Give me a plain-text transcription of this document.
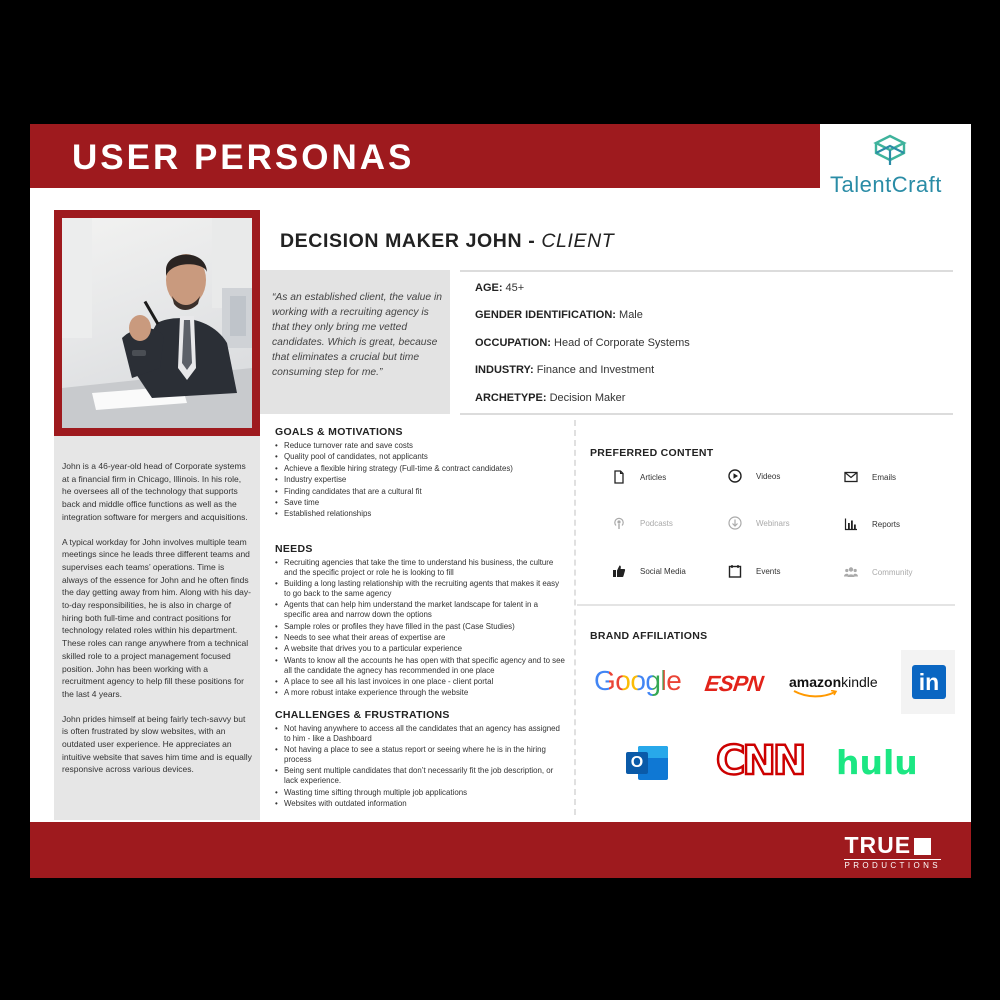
USER PERSONAS
TalentCraft

John is a 46-year-old head of Corporate systems at a financial firm in Chicago, Illinois. In his role, he oversees all of the technology that supports back and middle office functions as well as the integration software for mergers and acquisitions.

A typical workday for John involves multiple team meetings since he leads three different teams and supervises each teams’ operations. Time is always of the essence for John and he often finds the day getting away from him. Along with his day-to-day responsibilities, he is also in charge of hiring both full-time and contract positions for technology related roles within his department. These roles can range anywhere from a technical skilled role to a project management focused position. John has been working with a recruitment agency to help fill these positions for the last 4 years.

John prides himself at being fairly tech-savvy but is often frustrated by slow websites, with an outdated user experience. He appreciates an intuitive website that saves him time and is equally responsive across various devices.

DECISION MAKER JOHN - CLIENT
“As an established client, the value in working with a recruiting agency is that they only bring me vetted candidates. Which is great, because that eliminates a crucial but time consuming step for me.”
AGE: 45+
GENDER IDENTIFICATION: Male
OCCUPATION: Head of Corporate Systems
INDUSTRY: Finance and Investment
ARCHETYPE: Decision Maker
GOALS & MOTIVATIONS
• Reduce turnover rate and save costs
• Quality pool of candidates, not applicants
• Achieve a flexible hiring strategy (Full-time & contract candidates)
• Industry expertise
• Finding candidates that are a cultural fit
• Save time
• Established relationships
NEEDS
• Recruiting agencies that take the time to understand his business, the culture and the specific project or role he is looking to fill
• Building a long lasting relationship with the recruiting agents that makes it easy to go back to the same agency
• Agents that can help him understand the market landscape for talent in a specific area and narrow down the options
• Sample roles or profiles they have filled in the past (Case Studies)
• Needs to see what their areas of expertise are
• A website that drives you to a particular experience
• Wants to know all the accounts he has open with that specific agency and to see all the candidate the agnecy has recommended in one place
• A place to see all his last invoices in one place - client portal
• A more robust intake experience through the website
CHALLENGES & FRUSTRATIONS
• Not having anywhere to access all the candidates that an agency has assigned to him - like a Dashboard
• Not having a place to see a status report or seeing where he is in the hiring process
• Being sent multiple candidates that don’t necessarily fit the job description, or lack experience.
• Wasting time sifting through multiple job applications
• Websites with outdated information
PREFERRED CONTENT
Articles	Videos	Emails
Podcasts	Webinars	Reports
Social Media	Events	Community
BRAND AFFILIATIONS
Google ESPN amazonkindle in
O CNN hulu
TRUE
PRODUCTIONS
